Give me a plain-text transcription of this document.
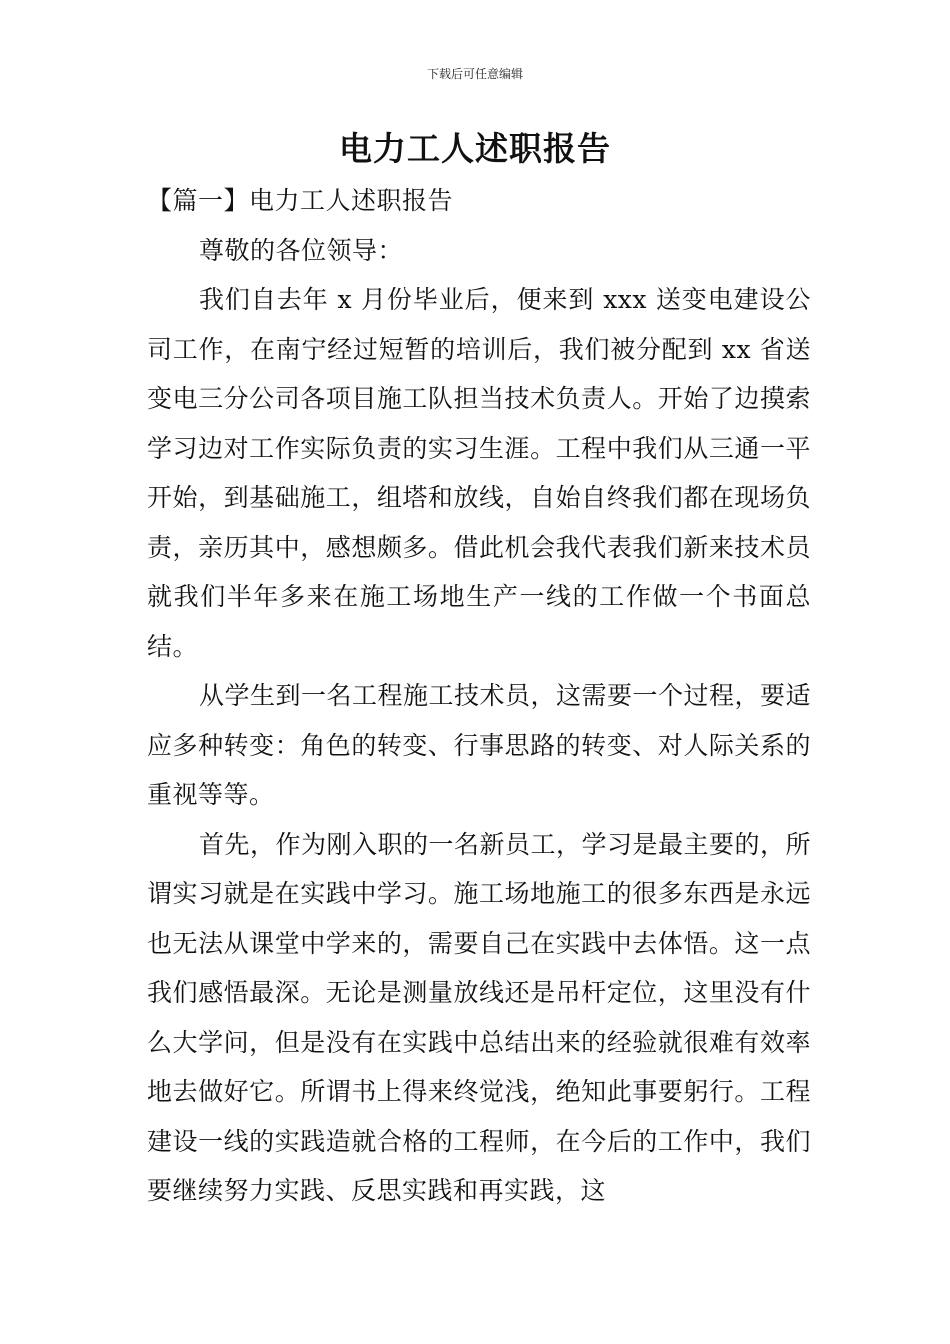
下载后可任意编辑
电力工人述职报告

【篇一】电力工人述职报告

尊敬的各位领导：

我们自去年 x 月份毕业后，便来到 xxx 送变电建设公司工作，在南宁经过短暂的培训后，我们被分配到 xx 省送变电三分公司各项目施工队担当技术负责人。开始了边摸索学习边对工作实际负责的实习生涯。工程中我们从三通一平开始，到基础施工，组塔和放线，自始自终我们都在现场负责，亲历其中，感想颇多。借此机会我代表我们新来技术员就我们半年多来在施工场地生产一线的工作做一个书面总结。

从学生到一名工程施工技术员，这需要一个过程，要适应多种转变：角色的转变、行事思路的转变、对人际关系的重视等等。

首先，作为刚入职的一名新员工，学习是最主要的，所谓实习就是在实践中学习。施工场地施工的很多东西是永远也无法从课堂中学来的，需要自己在实践中去体悟。这一点我们感悟最深。无论是测量放线还是吊杆定位，这里没有什么大学问，但是没有在实践中总结出来的经验就很难有效率地去做好它。所谓书上得来终觉浅，绝知此事要躬行。工程建设一线的实践造就合格的工程师，在今后的工作中，我们要继续努力实践、反思实践和再实践，这
